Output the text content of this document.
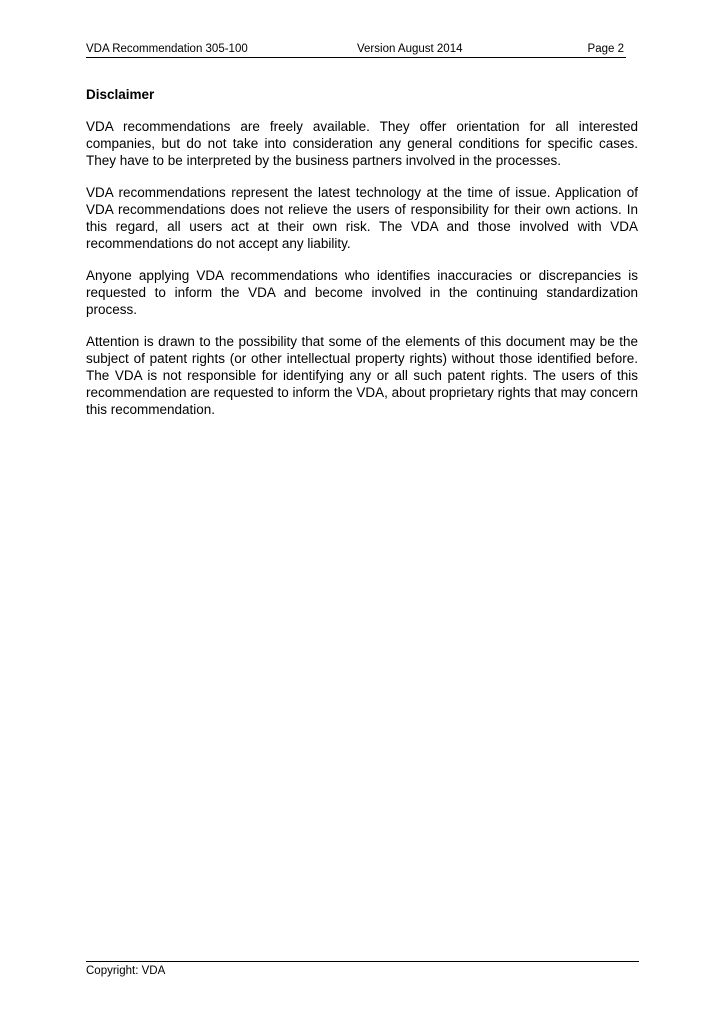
VDA Recommendation 305-100	Version August 2014	Page 2
Disclaimer

VDA recommendations are freely available. They offer orientation for all interested companies, but do not take into consideration any general conditions for specific cases. They have to be interpreted by the business partners involved in the processes.

VDA recommendations represent the latest technology at the time of issue. Application of VDA recommendations does not relieve the users of responsibility for their own actions. In this regard, all users act at their own risk. The VDA and those involved with VDA recommendations do not accept any liability.

Anyone applying VDA recommendations who identifies inaccuracies or discrepancies is requested to inform the VDA and become involved in the continuing standardization process.

Attention is drawn to the possibility that some of the elements of this document may be the subject of patent rights (or other intellectual property rights) without those identified before. The VDA is not responsible for identifying any or all such patent rights. The users of this recommendation are requested to inform the VDA, about proprietary rights that may concern this recommendation.

Copyright: VDA
